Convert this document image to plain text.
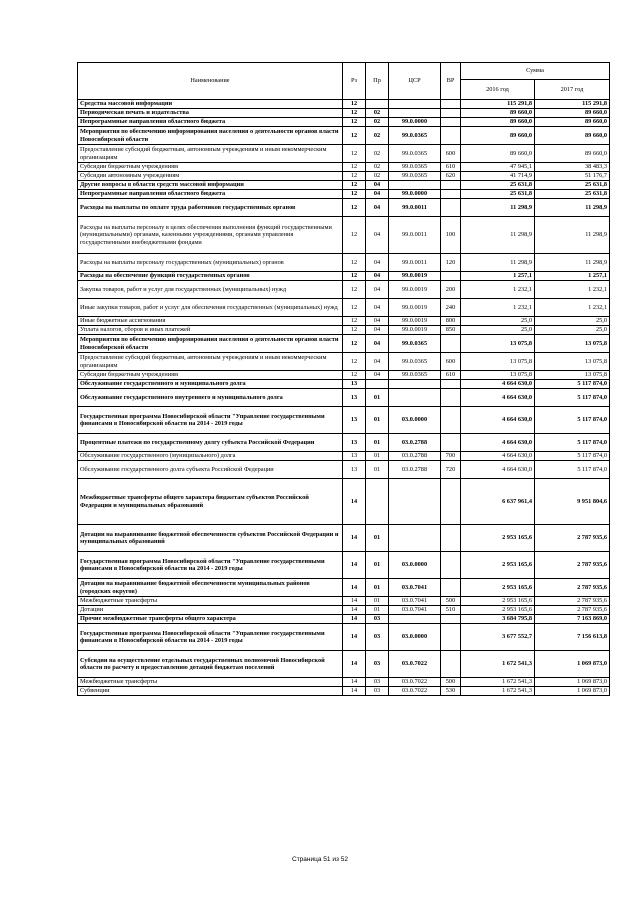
Наименование	Рз	Пр	ЦСР	ВР	Сумма	
					2016 год	2017 год
Средства массовой информации	12				115 291,8	115 291,8
Периодическая печать и издательства	12	02			89 660,0	89 660,0
Непрограммные направления областного бюджета	12	02	99.0.0000		89 660,0	89 660,0
Мероприятия по обеспечению информирования населения о деятельности органов власти Новосибирской области	12	02	99.0.0365		89 660,0	89 660,0
Предоставление субсидий бюджетным, автономным учреждениям и иным некоммерческим организациям	12	02	99.0.0365	600	89 660,0	89 660,0
Субсидии бюджетным учреждениям	12	02	99.0.0365	610	47 945,1	38 483,3
Субсидии автономным учреждениям	12	02	99.0.0365	620	41 714,9	51 176,7
Другие вопросы в области средств массовой информации	12	04			25 631,8	25 631,8
Непрограммные направления областного бюджета	12	04	99.0.0000		25 631,8	25 631,8
Расходы на выплаты по оплате труда работников государственных органов	12	04	99.0.0011		11 298,9	11 298,9
Расходы на выплаты персоналу в целях обеспечения выполнения функций государственными (муниципальными) органами, казенными учреждениями, органами управления государственными внебюджетными фондами	12	04	99.0.0011	100	11 298,9	11 298,9
Расходы на выплаты персоналу государственных (муниципальных) органов	12	04	99.0.0011	120	11 298,9	11 298,9
Расходы на обеспечение функций государственных органов	12	04	99.0.0019		1 257,1	1 257,1
Закупка товаров, работ и услуг для государственных (муниципальных) нужд	12	04	99.0.0019	200	1 232,1	1 232,1
Иные закупки товаров, работ и услуг для обеспечения государственных (муниципальных) нужд	12	04	99.0.0019	240	1 232,1	1 232,1
Иные бюджетные ассигнования	12	04	99.0.0019	800	25,0	25,0
Уплата налогов, сборов и иных платежей	12	04	99.0.0019	850	25,0	25,0
Мероприятия по обеспечению информирования населения о деятельности органов власти Новосибирской области	12	04	99.0.0365		13 075,8	13 075,8
Предоставление субсидий бюджетным, автономным учреждениям и иным некоммерческим организациям	12	04	99.0.0365	600	13 075,8	13 075,8
Субсидии бюджетным учреждениям	12	04	99.0.0365	610	13 075,8	13 075,8
Обслуживание государственного и муниципального долга	13				4 664 630,0	5 117 874,0
Обслуживание государственного внутреннего и муниципального долга	13	01			4 664 630,0	5 117 874,0
Государственная программа Новосибирской области "Управление государственными финансами в Новосибирской области на 2014 - 2019 годы	13	01	03.0.0000		4 664 630,0	5 117 874,0
Процентные платежи по государственному долгу субъекта Российской Федерации	13	01	03.0.2788		4 664 630,0	5 117 874,0
Обслуживание государственного (муниципального) долга	13	01	03.0.2788	700	4 664 630,0	5 117 874,0
Обслуживание государственного долга субъекта Российской Федерации	13	01	03.0.2788	720	4 664 630,0	5 117 874,0
Межбюджетные трансферты общего характера бюджетам субъектов Российской Федерации и муниципальных образований	14				6 637 961,4	9 951 804,6
Дотации на выравнивание бюджетной обеспеченности субъектов Российской Федерации и муниципальных образований	14	01			2 953 165,6	2 787 935,6
Государственная программа Новосибирской области "Управление государственными финансами в Новосибирской области на 2014 - 2019 годы	14	01	03.0.0000		2 953 165,6	2 787 935,6
Дотации на выравнивание бюджетной обеспеченности муниципальных районов (городских округов)	14	01	03.0.7041		2 953 165,6	2 787 935,6
Межбюджетные трансферты	14	01	03.0.7041	500	2 953 165,6	2 787 935,6
Дотации	14	01	03.0.7041	510	2 953 165,6	2 787 935,6
Прочие межбюджетные трансферты общего характера	14	03			3 684 795,8	7 163 869,0
Государственная программа Новосибирской области "Управление государственными финансами в Новосибирской области на 2014 - 2019 годы	14	03	03.0.0000		3 677 552,7	7 156 613,8
Субсидии на осуществление отдельных государственных полномочий Новосибирской области по расчету и предоставлению дотаций бюджетам поселений	14	03	03.0.7022		1 672 541,3	1 069 873,0
Межбюджетные трансферты	14	03	03.0.7022	500	1 672 541,3	1 069 873,0
Субвенции	14	03	03.0.7022	530	1 672 541,3	1 069 873,0
Страница 51 из 52
